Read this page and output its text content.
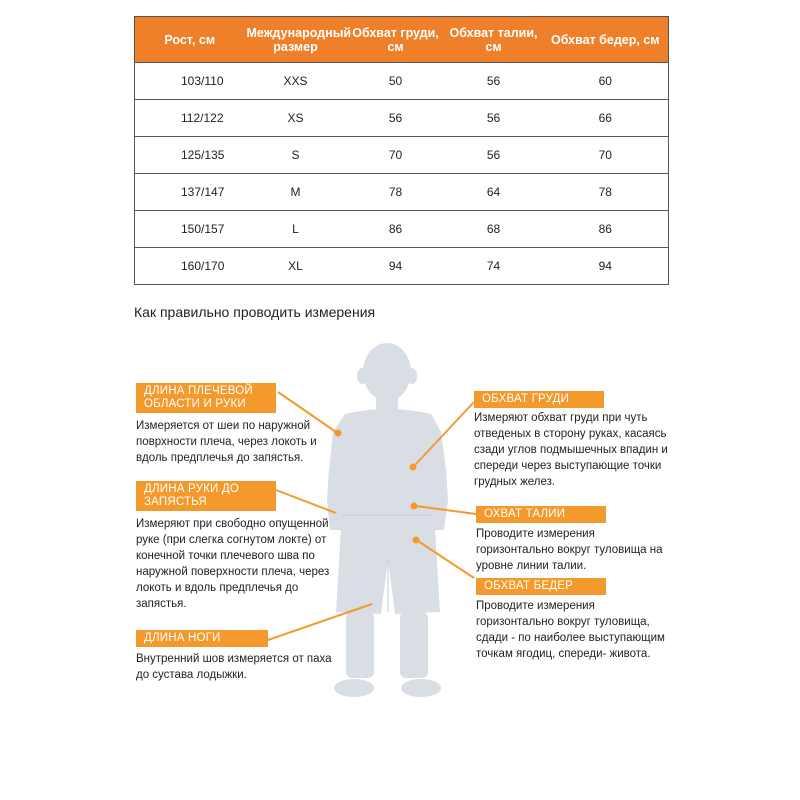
Рост, см	Международный размер	Обхват груди, см	Обхват талии, см	Обхват бедер, см
103/110	XXS	50	56	60
112/122	XS	56	56	66
125/135	S	70	56	70
137/147	M	78	64	78
150/157	L	86	68	86
160/170	XL	94	74	94
Как правильно проводить измерения
ДЛИНА ПЛЕЧЕВОЙ ОБЛАСТИ И РУКИ
Измеряется от шеи по наружной поврхности плеча, через локоть и вдоль предплечья до запястья.
ДЛИНА РУКИ ДО ЗАПЯСТЬЯ
Измеряют при свободно опущенной руке (при слегка согнутом локте) от конечной точки плечевого шва по наружной поверхности плеча, через локоть и вдоль предплечья до запястья.
ДЛИНА НОГИ
Внутренний шов измеряется от паха до сустава лодыжки.
ОБХВАТ ГРУДИ
Измеряют обхват груди при чуть отведеных в сторону руках, касаясь сзади углов подмышечных впадин и спереди через выступающие точки грудных желез.
ОХВАТ ТАЛИИ
Проводите измерения горизонтально вокруг туловища на уровне линии талии.
ОБХВАТ БЕДЕР
Проводите измерения горизонтально вокруг туловища, сдади - по наиболее выступающим точкам ягодиц, спереди- живота.
